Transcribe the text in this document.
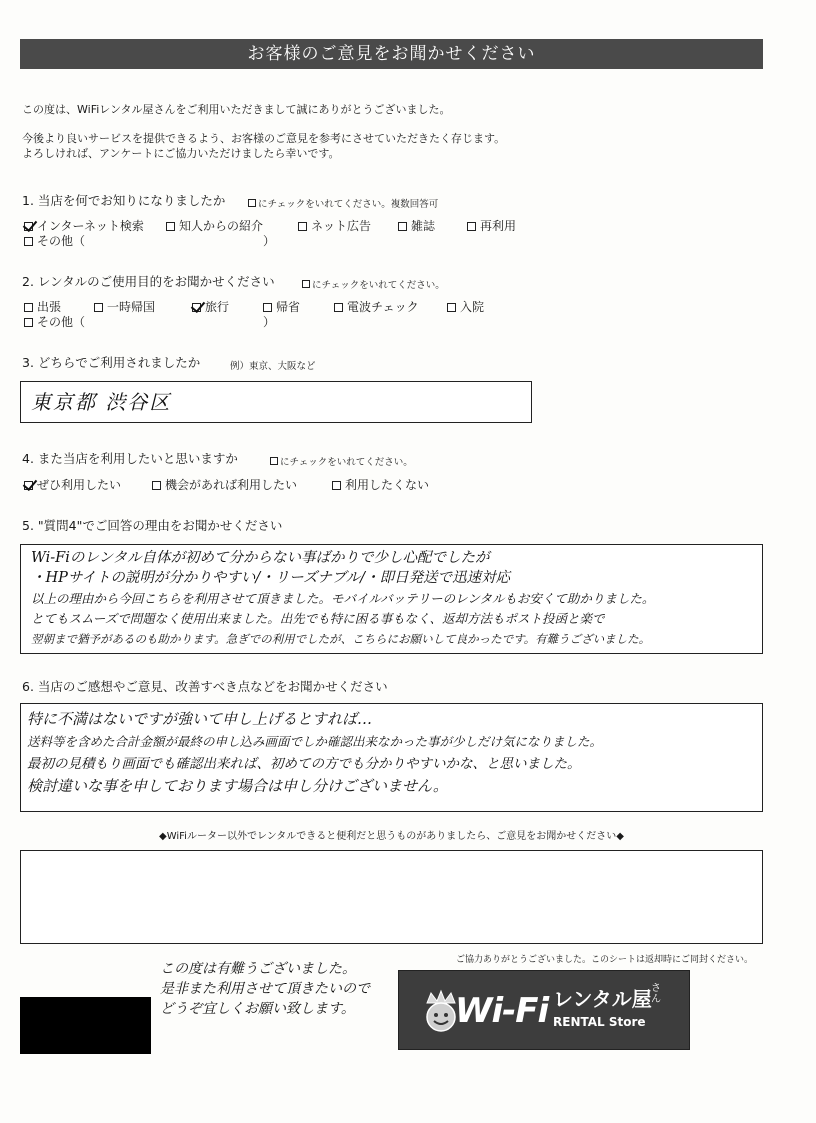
お客様のご意見をお聞かせください
この度は、WiFiレンタル屋さんをご利用いただきまして誠にありがとうございました。
今後より良いサービスを提供できるよう、お客様のご意見を参考にさせていただきたく存じます。
よろしければ、アンケートにご協力いただけましたら幸いです。
1. 当店を何でお知りになりましたか	にチェックをいれてください。複数回答可
インターネット検索	知人からの紹介	ネット広告	雑誌	再利用
その他（	）
2. レンタルのご使用目的をお聞かせください	にチェックをいれてください。
出張	一時帰国	旅行	帰省	電波チェック	入院
その他（	）
3. どちらでご利用されましたか	例）東京、大阪など
東京都 渋谷区
4. また当店を利用したいと思いますか	にチェックをいれてください。
ぜひ利用したい	機会があれば利用したい	利用したくない
5. "質問4"でご回答の理由をお聞かせください
Wi-Fiのレンタル自体が初めて分からない事ばかりで少し心配でしたが
・HPサイトの説明が分かりやすい/・リーズナブル/・即日発送で迅速対応
以上の理由から今回こちらを利用させて頂きました。モバイルバッテリーのレンタルもお安くて助かりました。
とてもスムーズで問題なく使用出来ました。出先でも特に困る事もなく、返却方法もポスト投函と楽で
翌朝まで猶予があるのも助かります。急ぎでの利用でしたが、こちらにお願いして良かったです。有難うございました。
6. 当店のご感想やご意見、改善すべき点などをお聞かせください
特に不満はないですが強いて申し上げるとすれば…
送料等を含めた合計金額が最終の申し込み画面でしか確認出来なかった事が少しだけ気になりました。
最初の見積もり画面でも確認出来れば、初めての方でも分かりやすいかな、と思いました。
検討違いな事を申しております場合は申し分けございません。
◆WiFiルーター以外でレンタルできると便利だと思うものがありましたら、ご意見をお聞かせください◆
ご協力ありがとうございました。このシートは返却時にご同封ください。
この度は有難うございました。
是非また利用させて頂きたいので
どうぞ宜しくお願い致します。	Wi-Fi レンタル屋 さん
RENTAL Store
